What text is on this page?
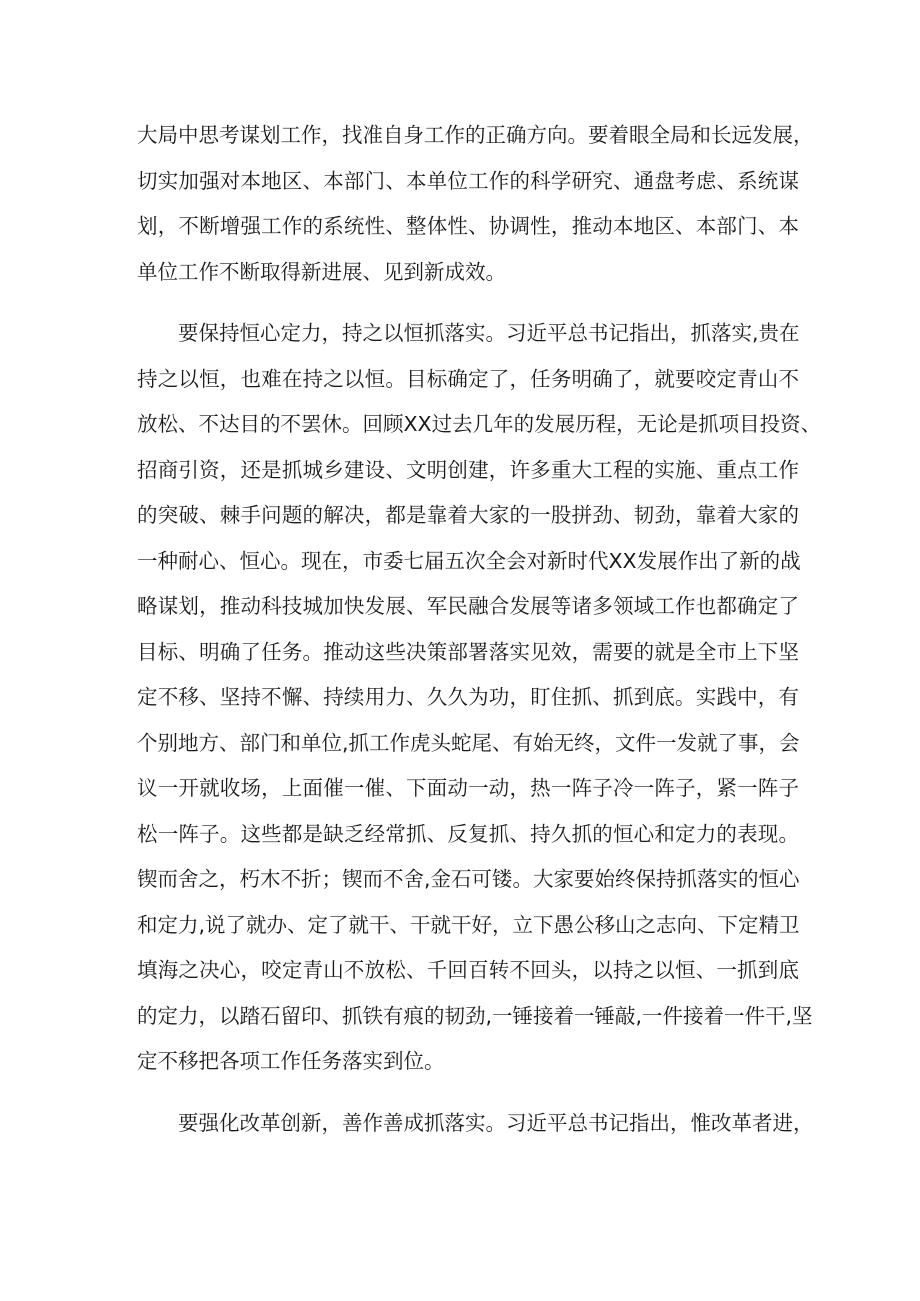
大局中思考谋划工作，找准自身工作的正确方向。要着眼全局和长远发展，
切实加强对本地区、本部门、本单位工作的科学研究、通盘考虑、系统谋
划，不断增强工作的系统性、整体性、协调性，推动本地区、本部门、本
单位工作不断取得新进展、见到新成效。
要保持恒心定力，持之以恒抓落实。习近平总书记指出，抓落实,贵在
持之以恒，也难在持之以恒。目标确定了，任务明确了，就要咬定青山不
放松、不达目的不罢休。回顾XX过去几年的发展历程，无论是抓项目投资、
招商引资，还是抓城乡建设、文明创建，许多重大工程的实施、重点工作
的突破、棘手问题的解决，都是靠着大家的一股拼劲、韧劲，靠着大家的
一种耐心、恒心。现在，市委七届五次全会对新时代XX发展作出了新的战
略谋划，推动科技城加快发展、军民融合发展等诸多领域工作也都确定了
目标、明确了任务。推动这些决策部署落实见效，需要的就是全市上下坚
定不移、坚持不懈、持续用力、久久为功，盯住抓、抓到底。实践中，有
个别地方、部门和单位,抓工作虎头蛇尾、有始无终，文件一发就了事，会
议一开就收场，上面催一催、下面动一动，热一阵子冷一阵子，紧一阵子
松一阵子。这些都是缺乏经常抓、反复抓、持久抓的恒心和定力的表现。
锲而舍之，朽木不折；锲而不舍,金石可镂。大家要始终保持抓落实的恒心
和定力,说了就办、定了就干、干就干好，立下愚公移山之志向、下定精卫
填海之决心，咬定青山不放松、千回百转不回头，以持之以恒、一抓到底
的定力，以踏石留印、抓铁有痕的韧劲,一锤接着一锤敲,一件接着一件干,坚
定不移把各项工作任务落实到位。
要强化改革创新，善作善成抓落实。习近平总书记指出，惟改革者进，
